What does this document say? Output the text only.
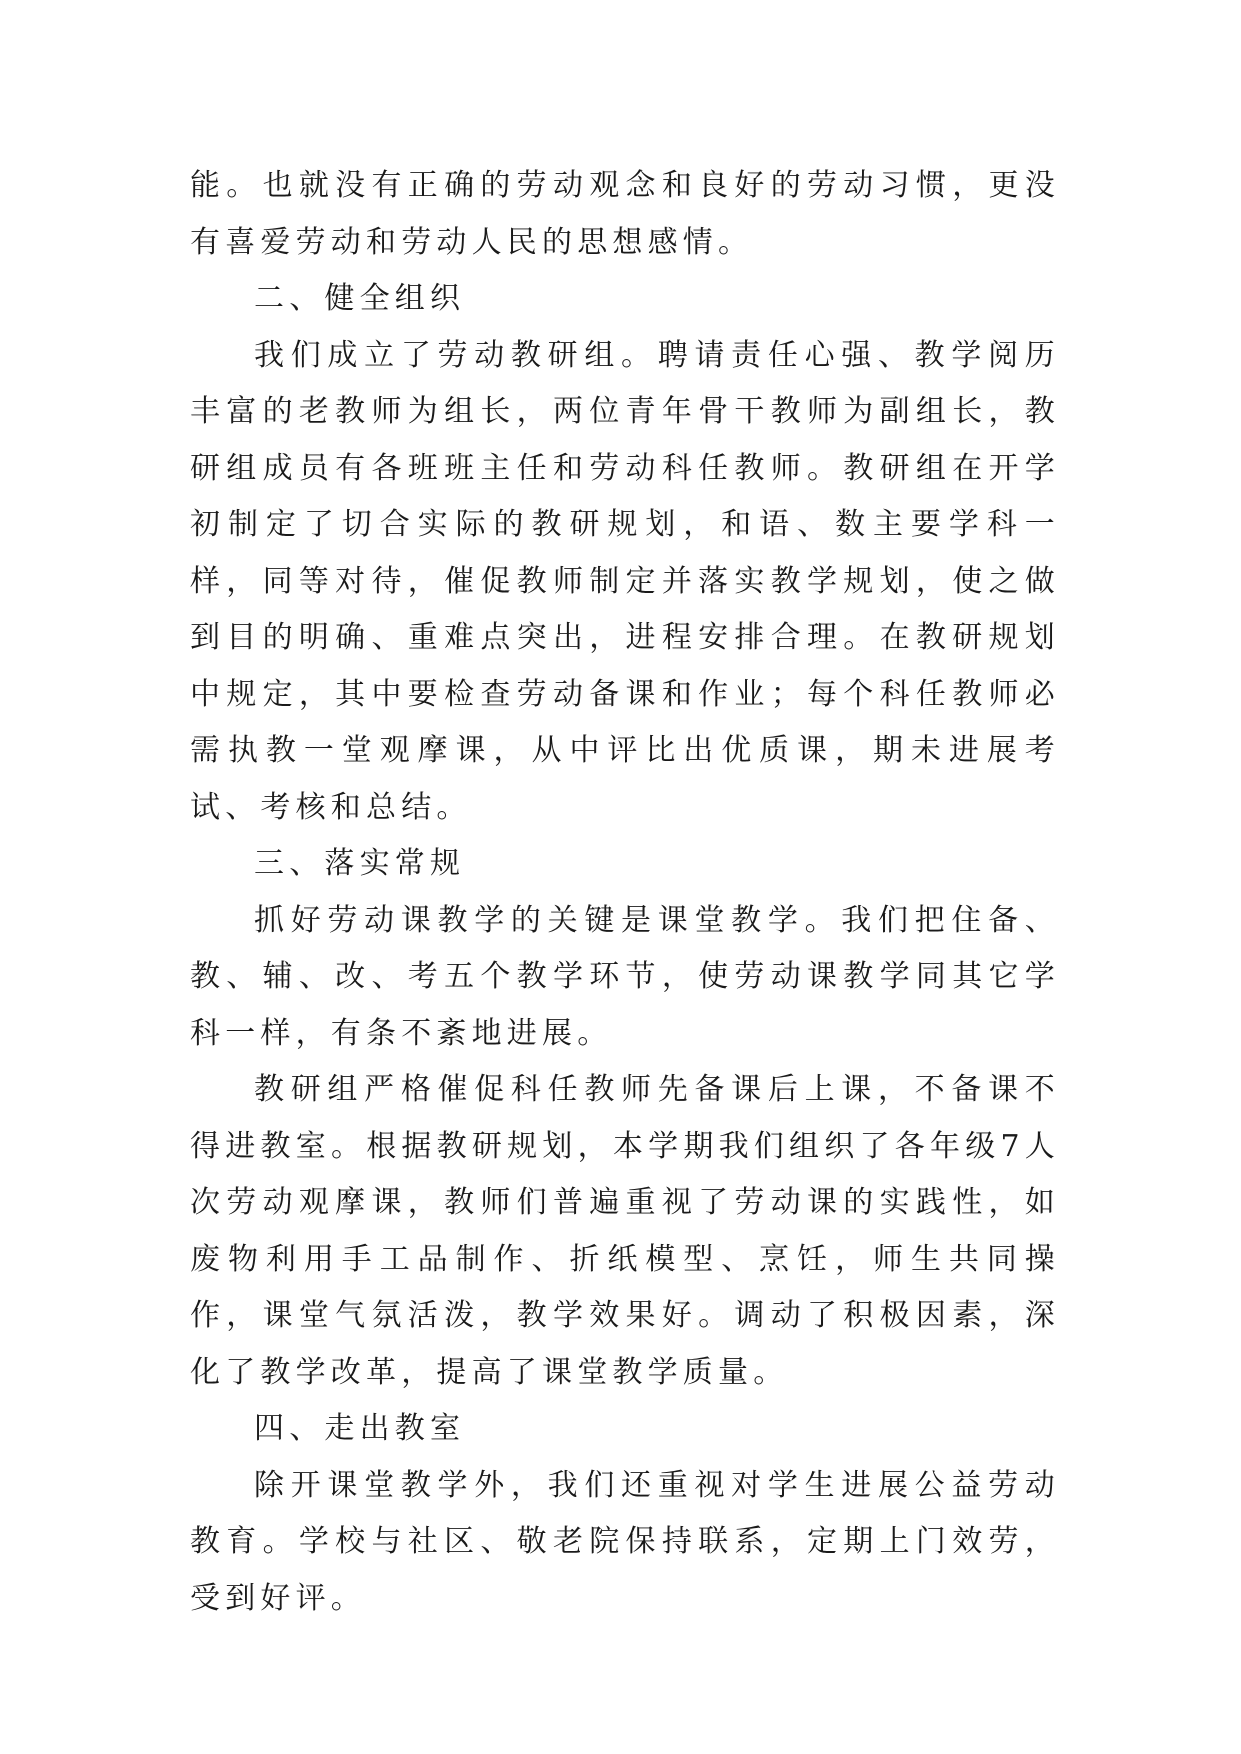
能。也就没有正确的劳动观念和良好的劳动习惯，更没有喜爱劳动和劳动人民的思想感情。

二、健全组织

我们成立了劳动教研组。聘请责任心强、教学阅历丰富的老教师为组长，两位青年骨干教师为副组长，教研组成员有各班班主任和劳动科任教师。教研组在开学初制定了切合实际的教研规划，和语、数主要学科一样，同等对待，催促教师制定并落实教学规划，使之做到目的明确、重难点突出，进程安排合理。在教研规划中规定，其中要检查劳动备课和作业；每个科任教师必需执教一堂观摩课，从中评比出优质课，期未进展考试、考核和总结。

三、落实常规

抓好劳动课教学的关键是课堂教学。我们把住备、教、辅、改、考五个教学环节，使劳动课教学同其它学科一样，有条不紊地进展。

教研组严格催促科任教师先备课后上课，不备课不得进教室。根据教研规划，本学期我们组织了各年级7人次劳动观摩课，教师们普遍重视了劳动课的实践性，如废物利用手工品制作、折纸模型、烹饪，师生共同操作，课堂气氛活泼，教学效果好。调动了积极因素，深化了教学改革，提高了课堂教学质量。

四、走出教室

除开课堂教学外，我们还重视对学生进展公益劳动教育。学校与社区、敬老院保持联系，定期上门效劳，受到好评。
